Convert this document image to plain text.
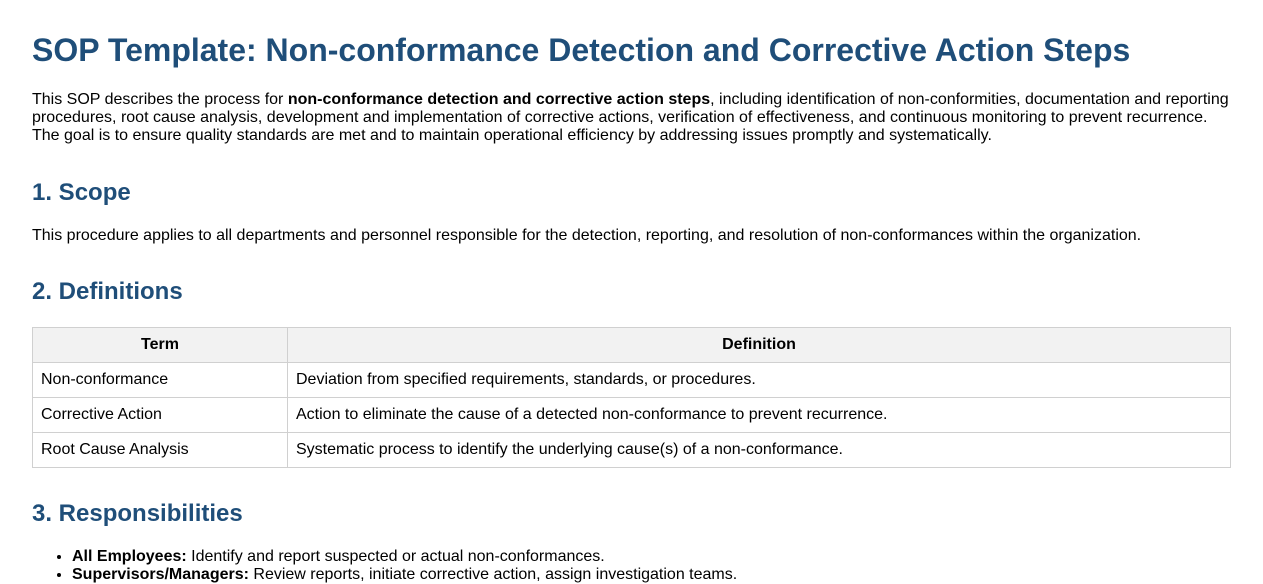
SOP Template: Non-conformance Detection and Corrective Action Steps

This SOP describes the process for non-conformance detection and corrective action steps, including identification of non-conformities, documentation and reporting procedures, root cause analysis, development and implementation of corrective actions, verification of effectiveness, and continuous monitoring to prevent recurrence. The goal is to ensure quality standards are met and to maintain operational efficiency by addressing issues promptly and systematically.

1. Scope

This procedure applies to all departments and personnel responsible for the detection, reporting, and resolution of non-conformances within the organization.

2. Definitions
Term	Definition
Non-conformance	Deviation from specified requirements, standards, or procedures.
Corrective Action	Action to eliminate the cause of a detected non-conformance to prevent recurrence.
Root Cause Analysis	Systematic process to identify the underlying cause(s) of a non-conformance.
3. Responsibilities
• All Employees: Identify and report suspected or actual non-conformances.
• Supervisors/Managers: Review reports, initiate corrective action, assign investigation teams.
